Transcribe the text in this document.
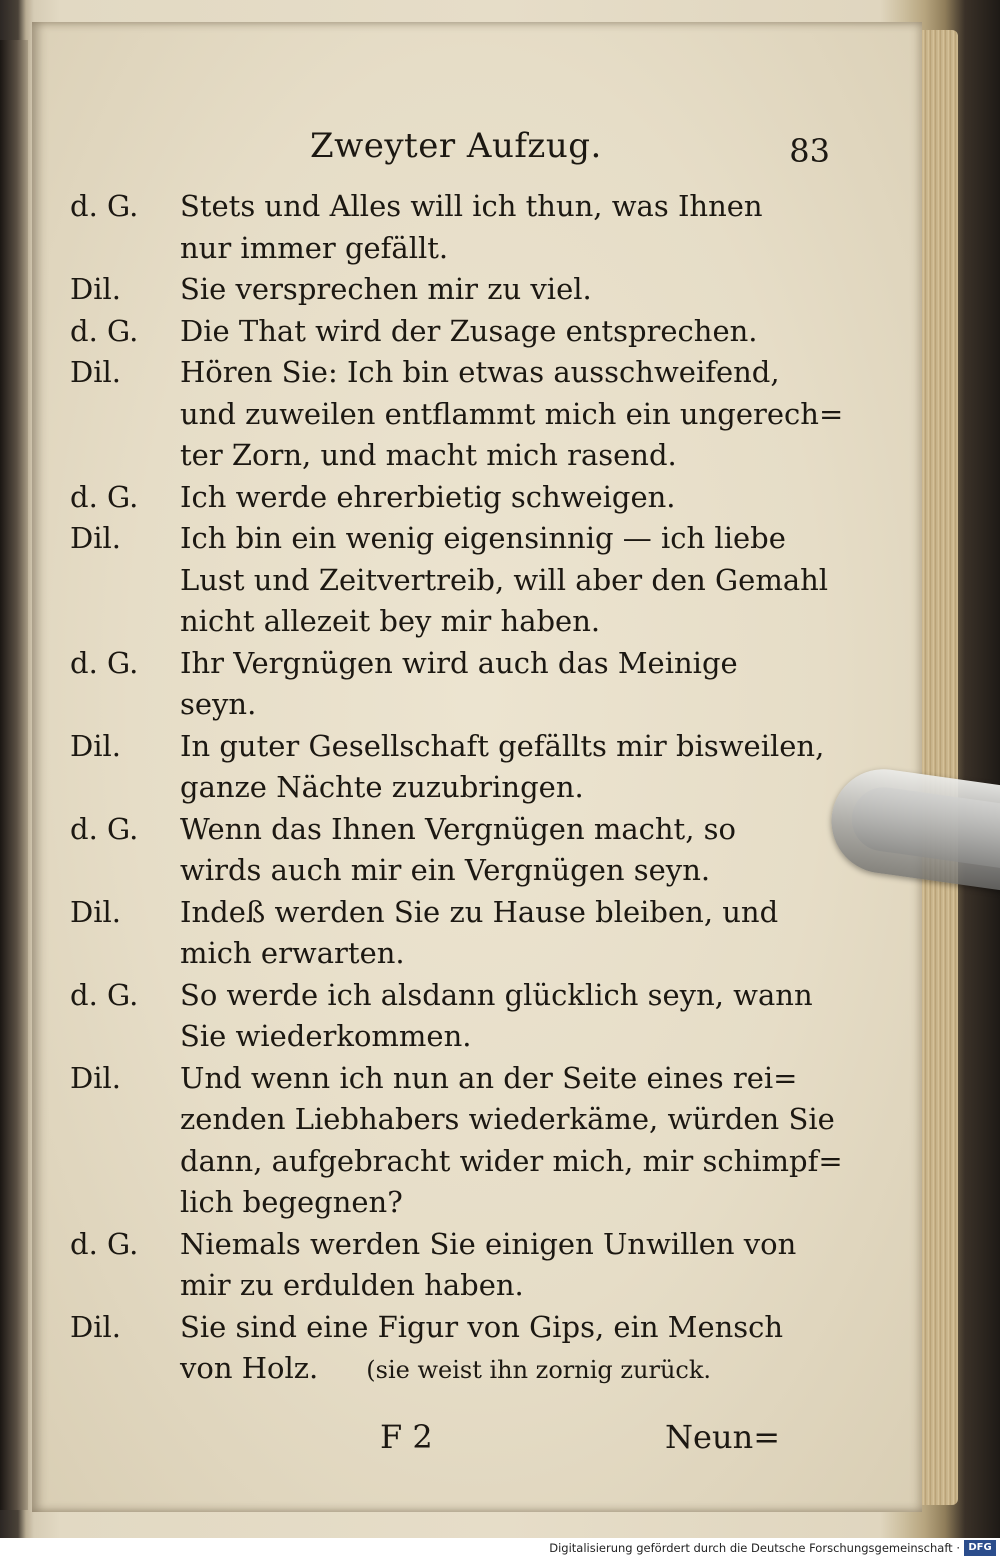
Zweyter Aufzug.	83
d. G.	Stets und Alles will ich thun, was Ihnen
nur immer gefällt.
Dil.	Sie versprechen mir zu viel.
d. G.	Die That wird der Zusage entsprechen.
Dil.	Hören Sie: Ich bin etwas ausschweifend,
und zuweilen entflammt mich ein ungerech=
ter Zorn, und macht mich rasend.
d. G.	Ich werde ehrerbietig schweigen.
Dil.	Ich bin ein wenig eigensinnig — ich liebe
Lust und Zeitvertreib, will aber den Gemahl
nicht allezeit bey mir haben.
d. G.	Ihr Vergnügen wird auch das Meinige
seyn.
Dil.	In guter Gesellschaft gefällts mir bisweilen,
ganze Nächte zuzubringen.
d. G.	Wenn das Ihnen Vergnügen macht, so
wirds auch mir ein Vergnügen seyn.
Dil.	Indeß werden Sie zu Hause bleiben, und
mich erwarten.
d. G.	So werde ich alsdann glücklich seyn, wann
Sie wiederkommen.
Dil.	Und wenn ich nun an der Seite eines rei=
zenden Liebhabers wiederkäme, würden Sie
dann, aufgebracht wider mich, mir schimpf=
lich begegnen?
d. G.	Niemals werden Sie einigen Unwillen von
mir zu erdulden haben.
Dil.	Sie sind eine Figur von Gips, ein Mensch
von Holz. (sie weist ihn zornig zurück.
F 2	Neun=
Digitalisierung gefördert durch die Deutsche Forschungsgemeinschaft · DFG
